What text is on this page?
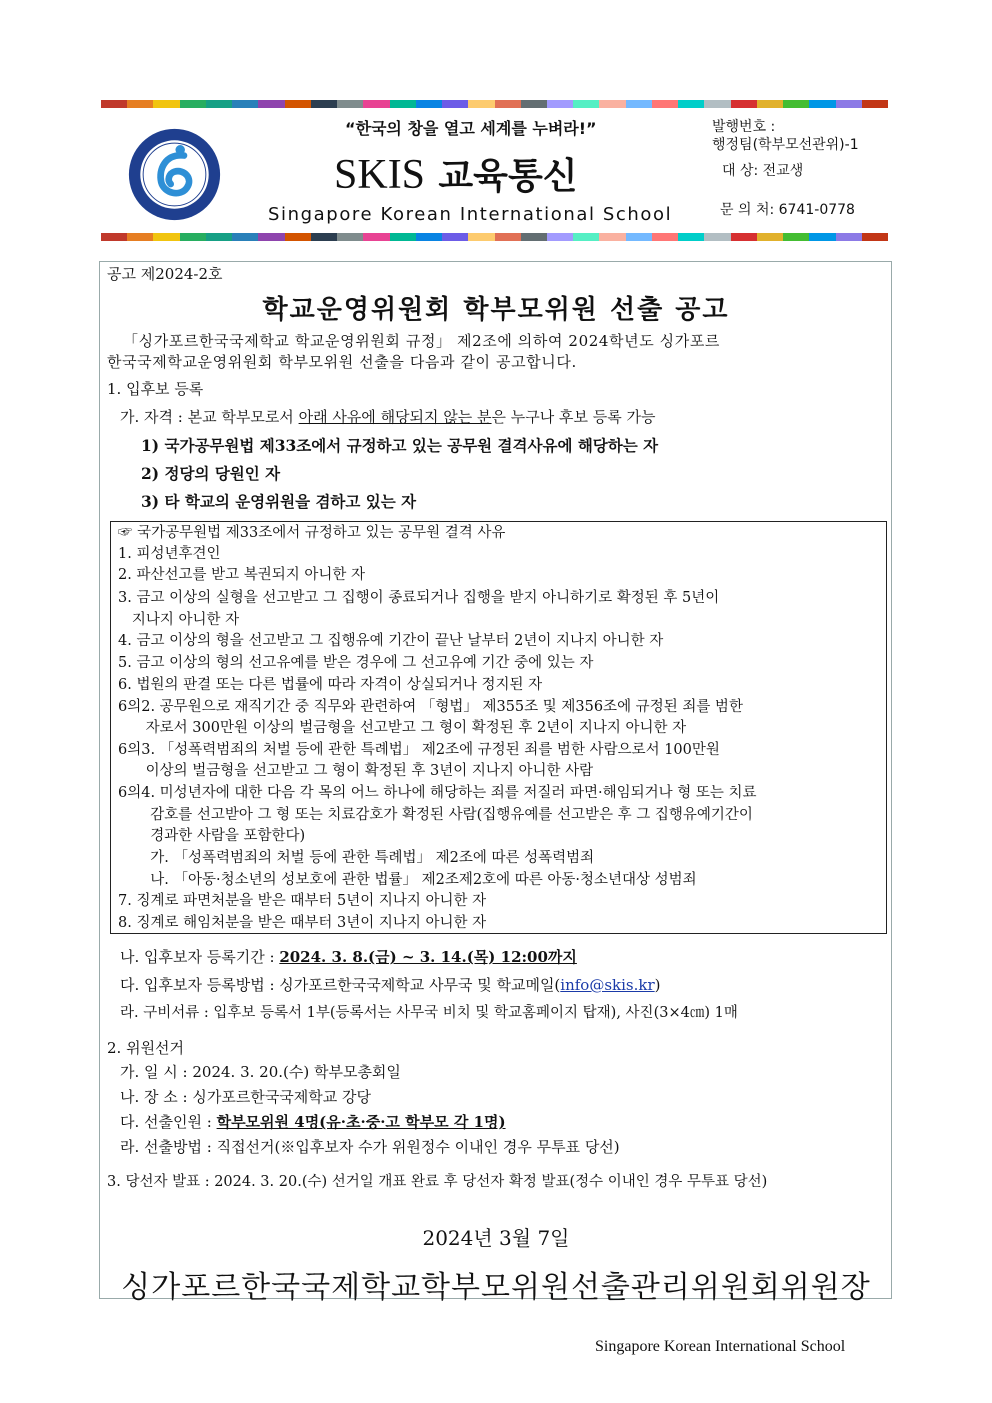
“한국의 창을 열고 세계를 누벼라!”
SKIS 교육통신
Singapore Korean International School
발행번호 :
행정팀(학부모선관위)-1
대 상: 전교생
문 의 처: 6741-0778
공고 제2024-2호
학교운영위원회 학부모위원 선출 공고
「싱가포르한국국제학교 학교운영위원회 규정」 제2조에 의하여 2024학년도 싱가포르
한국국제학교운영위원회 학부모위원 선출을 다음과 같이 공고합니다.
1. 입후보 등록
가. 자격 : 본교 학부모로서 아래 사유에 해당되지 않는 분은 누구나 후보 등록 가능
1) 국가공무원법 제33조에서 규정하고 있는 공무원 결격사유에 해당하는 자
2) 정당의 당원인 자
3) 타 학교의 운영위원을 겸하고 있는 자
☞ 국가공무원법 제33조에서 규정하고 있는 공무원 결격 사유
1. 피성년후견인
2. 파산선고를 받고 복권되지 아니한 자
3. 금고 이상의 실형을 선고받고 그 집행이 종료되거나 집행을 받지 아니하기로 확정된 후 5년이
지나지 아니한 자
4. 금고 이상의 형을 선고받고 그 집행유예 기간이 끝난 날부터 2년이 지나지 아니한 자
5. 금고 이상의 형의 선고유예를 받은 경우에 그 선고유예 기간 중에 있는 자
6. 법원의 판결 또는 다른 법률에 따라 자격이 상실되거나 정지된 자
6의2. 공무원으로 재직기간 중 직무와 관련하여 「형법」 제355조 및 제356조에 규정된 죄를 범한
자로서 300만원 이상의 벌금형을 선고받고 그 형이 확정된 후 2년이 지나지 아니한 자
6의3. 「성폭력범죄의 처벌 등에 관한 특례법」 제2조에 규정된 죄를 범한 사람으로서 100만원
이상의 벌금형을 선고받고 그 형이 확정된 후 3년이 지나지 아니한 사람
6의4. 미성년자에 대한 다음 각 목의 어느 하나에 해당하는 죄를 저질러 파면·해임되거나 형 또는 치료
감호를 선고받아 그 형 또는 치료감호가 확정된 사람(집행유예를 선고받은 후 그 집행유예기간이
경과한 사람을 포함한다)
가. 「성폭력범죄의 처벌 등에 관한 특례법」 제2조에 따른 성폭력범죄
나. 「아동·청소년의 성보호에 관한 법률」 제2조제2호에 따른 아동·청소년대상 성범죄
7. 징계로 파면처분을 받은 때부터 5년이 지나지 아니한 자
8. 징계로 해임처분을 받은 때부터 3년이 지나지 아니한 자
나. 입후보자 등록기간 : 2024. 3. 8.(금) ~ 3. 14.(목) 12:00까지
다. 입후보자 등록방법 : 싱가포르한국국제학교 사무국 및 학교메일(info@skis.kr)
라. 구비서류 : 입후보 등록서 1부(등록서는 사무국 비치 및 학교홈페이지 탑재), 사진(3×4㎝) 1매
2. 위원선거
가. 일 시 : 2024. 3. 20.(수) 학부모총회일
나. 장 소 : 싱가포르한국국제학교 강당
다. 선출인원 : 학부모위원 4명(유·초·중·고 학부모 각 1명)
라. 선출방법 : 직접선거(※입후보자 수가 위원정수 이내인 경우 무투표 당선)
3. 당선자 발표 : 2024. 3. 20.(수) 선거일 개표 완료 후 당선자 확정 발표(정수 이내인 경우 무투표 당선)
2024년 3월 7일
싱가포르한국국제학교학부모위원선출관리위원회위원장
Singapore Korean International School
